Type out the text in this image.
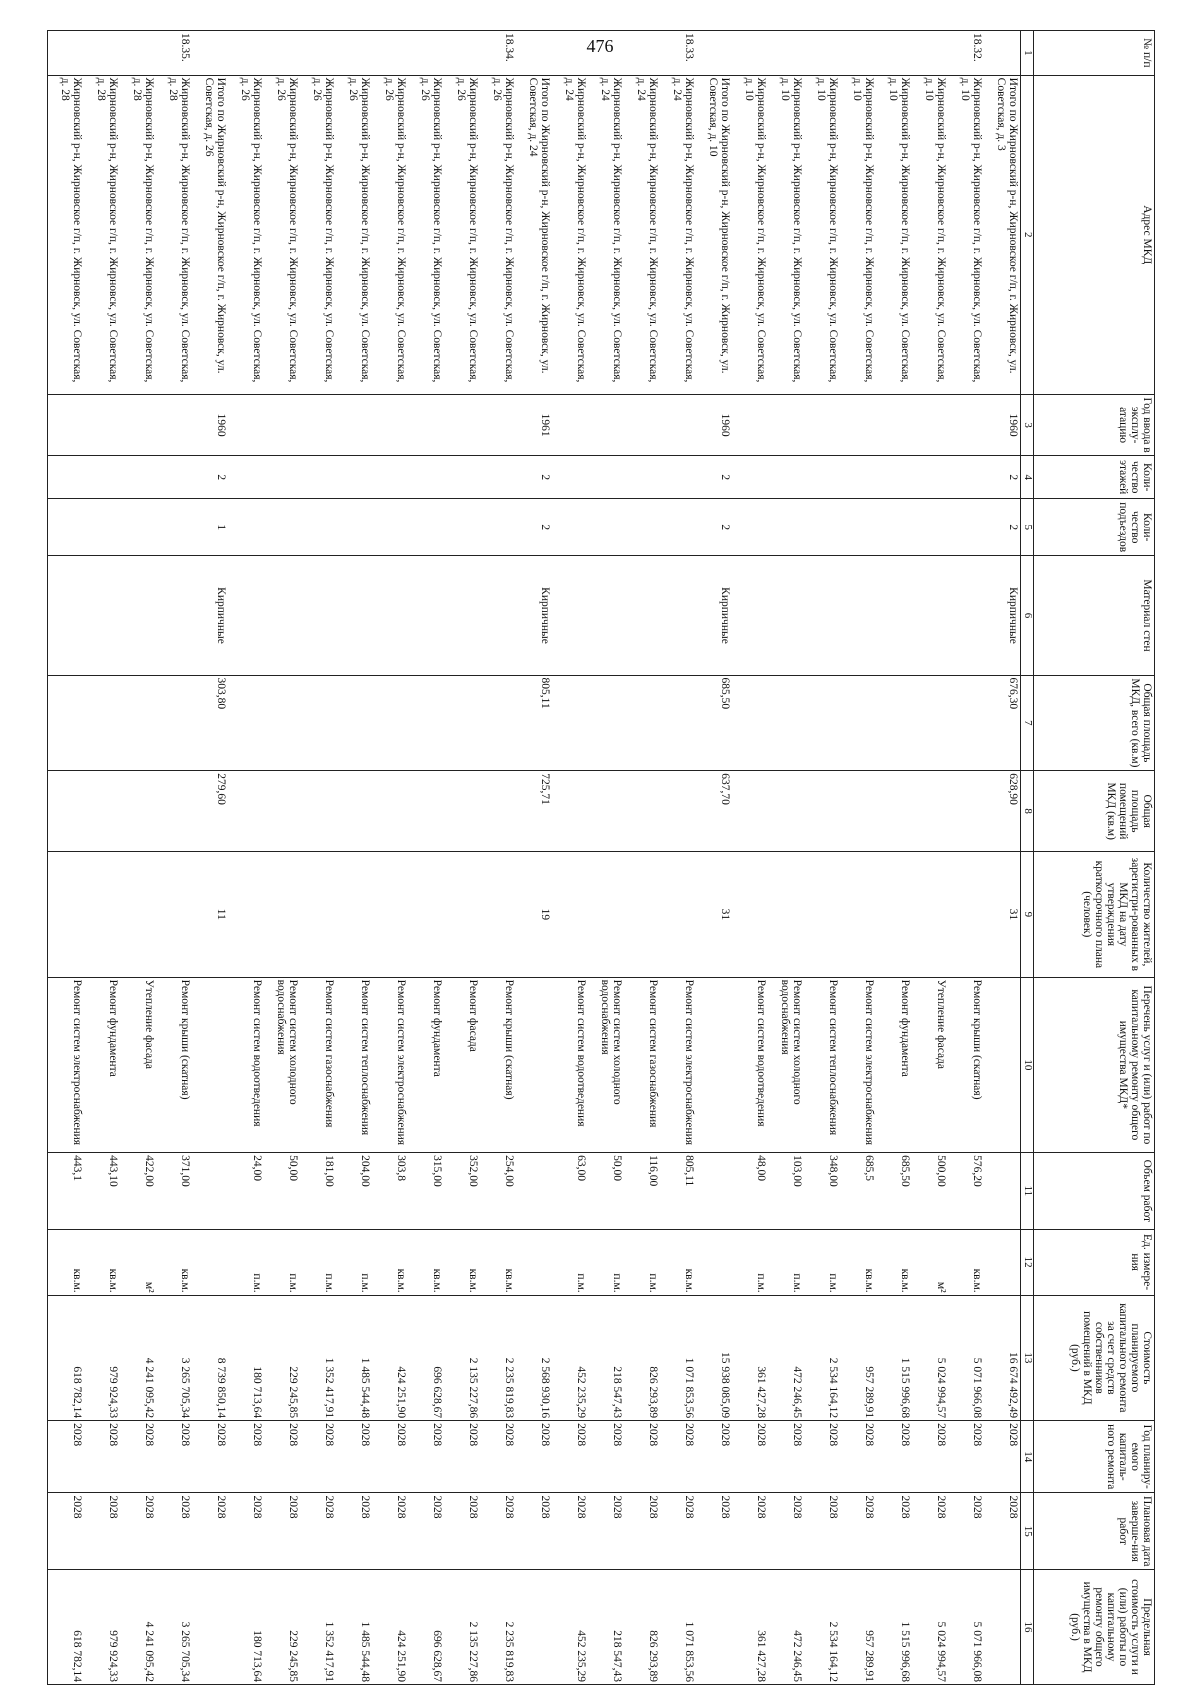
476	№ п/п	Адрес МКД	Год ввода в эксплу-атацию	Коли-чество этажей	Коли-чество подъездов	Материал стен	Общая площадь МКД, всего (кв.м)	Общая площадь помещений МКД (кв.м)	Количество жителей, зарегистри-рованных в МКД на дату утверждения краткосрочного плана (человек)	Перечень услуг и (или) работ по капитальному ремонту общего имущества МКД*	Объем работ	Ед. измере-ния	Стоимость планируемого капитального ремонта за счет средств собственников помещений в МКД (руб.)	Год планиру-емого капиталь-ного ремонта	Плановая дата заверше-ния работ	Предельная стоимость услуги и (или) работы по капитальному ремонту общего имущества в МКД (руб.)
1	2	3	4	5	6	7	8	9	10	11	12	13	14	15	16
	Итого по Жирновский р-н, Жирновское г/п, г. Жирновск, ул. Советская, д. 3	1960	2	2	Кирпичные	676,30	628,90	31				16 674 492,49	2028	2028	
18.32.	Жирновский р-н, Жирновское г/п, г. Жирновск, ул. Советская, д. 10								Ремонт крыши (скатная)	576,20	кв.м.	5 071 966,08	2028	2028	5 071 966,08
	Жирновский р-н, Жирновское г/п, г. Жирновск, ул. Советская, д. 10								Утепление фасада	500,00	м²	5 024 994,57	2028	2028	5 024 994,57
	Жирновский р-н, Жирновское г/п, г. Жирновск, ул. Советская, д. 10								Ремонт фундамента	685,50	кв.м.	1 515 996,68	2028	2028	1 515 996,68
	Жирновский р-н, Жирновское г/п, г. Жирновск, ул. Советская, д. 10								Ремонт систем электроснабжения	685,5	кв.м.	957 289,91	2028	2028	957 289,91
	Жирновский р-н, Жирновское г/п, г. Жирновск, ул. Советская, д. 10								Ремонт систем теплоснабжения	348,00	п.м.	2 534 164,12	2028	2028	2 534 164,12
	Жирновский р-н, Жирновское г/п, г. Жирновск, ул. Советская, д. 10								Ремонт систем холодного водоснабжения	103,00	п.м.	472 246,45	2028	2028	472 246,45
	Жирновский р-н, Жирновское г/п, г. Жирновск, ул. Советская, д. 10								Ремонт систем водоотведения	48,00	п.м.	361 427,28	2028	2028	361 427,28
	Итого по Жирновский р-н, Жирновское г/п, г. Жирновск, ул. Советская, д. 10	1960	2	2	Кирпичные	685,50	637,70	31				15 938 085,09	2028	2028	
18.33.	Жирновский р-н, Жирновское г/п, г. Жирновск, ул. Советская, д. 24								Ремонт систем электроснабжения	805,11	кв.м.	1 071 853,56	2028	2028	1 071 853,56
	Жирновский р-н, Жирновское г/п, г. Жирновск, ул. Советская, д. 24								Ремонт систем газоснабжения	116,00	п.м.	826 293,89	2028	2028	826 293,89
	Жирновский р-н, Жирновское г/п, г. Жирновск, ул. Советская, д. 24								Ремонт систем холодного водоснабжения	50,00	п.м.	218 547,43	2028	2028	218 547,43
	Жирновский р-н, Жирновское г/п, г. Жирновск, ул. Советская, д. 24								Ремонт систем водоотведения	63,00	п.м.	452 235,29	2028	2028	452 235,29
	Итого по Жирновский р-н, Жирновское г/п, г. Жирновск, ул. Советская, д. 24	1961	2	2	Кирпичные	805,11	725,71	19				2 568 930,16	2028	2028	
18.34.	Жирновский р-н, Жирновское г/п, г. Жирновск, ул. Советская, д. 26								Ремонт крыши (скатная)	254,00	кв.м.	2 235 819,83	2028	2028	2 235 819,83
	Жирновский р-н, Жирновское г/п, г. Жирновск, ул. Советская, д. 26								Ремонт фасада	352,00	кв.м.	2 135 227,86	2028	2028	2 135 227,86
	Жирновский р-н, Жирновское г/п, г. Жирновск, ул. Советская, д. 26								Ремонт фундамента	315,00	кв.м.	696 628,67	2028	2028	696 628,67
	Жирновский р-н, Жирновское г/п, г. Жирновск, ул. Советская, д. 26								Ремонт систем электроснабжения	303,8	кв.м.	424 251,90	2028	2028	424 251,90
	Жирновский р-н, Жирновское г/п, г. Жирновск, ул. Советская, д. 26								Ремонт систем теплоснабжения	204,00	п.м.	1 485 544,48	2028	2028	1 485 544,48
	Жирновский р-н, Жирновское г/п, г. Жирновск, ул. Советская, д. 26								Ремонт систем газоснабжения	181,00	п.м.	1 352 417,91	2028	2028	1 352 417,91
	Жирновский р-н, Жирновское г/п, г. Жирновск, ул. Советская, д. 26								Ремонт систем холодного водоснабжения	50,00	п.м.	229 245,85	2028	2028	229 245,85
	Жирновский р-н, Жирновское г/п, г. Жирновск, ул. Советская, д. 26								Ремонт систем водоотведения	24,00	п.м.	180 713,64	2028	2028	180 713,64
	Итого по Жирновский р-н, Жирновское г/п, г. Жирновск, ул. Советская, д. 26	1960	2	1	Кирпичные	303,80	279,60	11				8 739 850,14	2028	2028	
18.35.	Жирновский р-н, Жирновское г/п, г. Жирновск, ул. Советская, д. 28								Ремонт крыши (скатная)	371,00	кв.м.	3 265 705,34	2028	2028	3 265 705,34
	Жирновский р-н, Жирновское г/п, г. Жирновск, ул. Советская, д. 28								Утепление фасада	422,00	м²	4 241 095,42	2028	2028	4 241 095,42
	Жирновский р-н, Жирновское г/п, г. Жирновск, ул. Советская, д. 28								Ремонт фундамента	443,10	кв.м.	979 924,33	2028	2028	979 924,33
	Жирновский р-н, Жирновское г/п, г. Жирновск, ул. Советская, д. 28								Ремонт систем электроснабжения	443,1	кв.м.	618 782,14	2028	2028	618 782,14
